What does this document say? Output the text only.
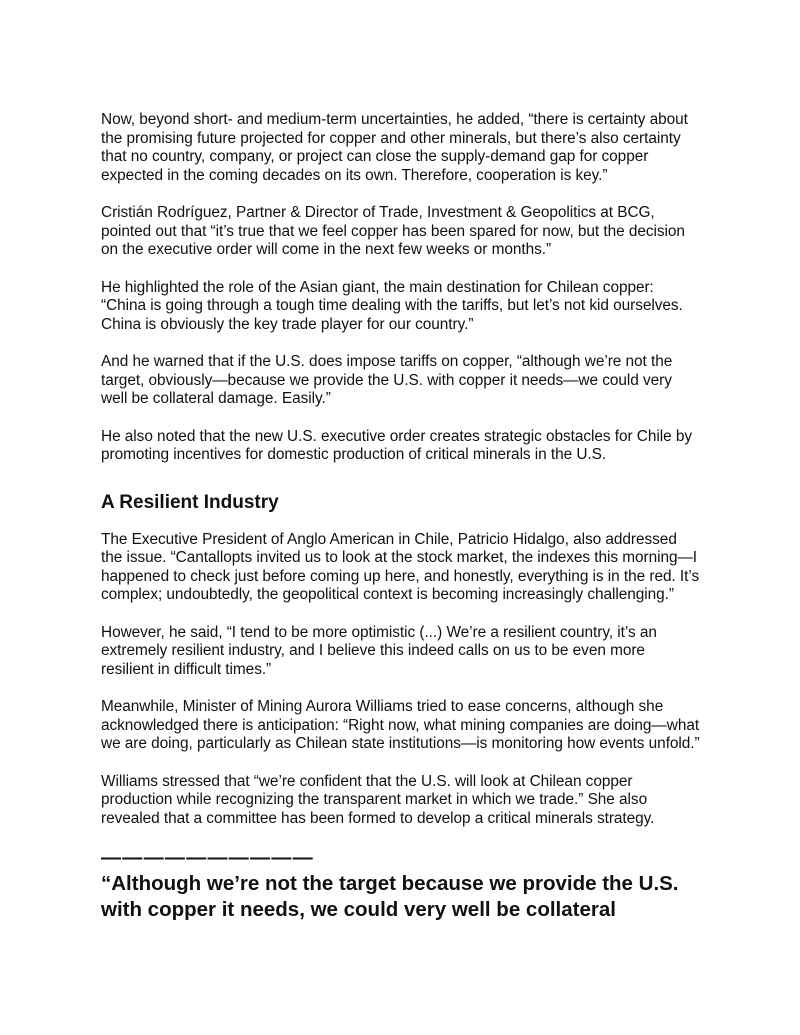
Now, beyond short- and medium-term uncertainties, he added, “there is certainty about the promising future projected for copper and other minerals, but there’s also certainty that no country, company, or project can close the supply-demand gap for copper expected in the coming decades on its own. Therefore, cooperation is key.”

Cristián Rodríguez, Partner & Director of Trade, Investment & Geopolitics at BCG, pointed out that “it’s true that we feel copper has been spared for now, but the decision on the executive order will come in the next few weeks or months.”

He highlighted the role of the Asian giant, the main destination for Chilean copper: “China is going through a tough time dealing with the tariffs, but let’s not kid ourselves. China is obviously the key trade player for our country.”

And he warned that if the U.S. does impose tariffs on copper, “although we’re not the target, obviously—because we provide the U.S. with copper it needs—we could very well be collateral damage. Easily.”

He also noted that the new U.S. executive order creates strategic obstacles for Chile by promoting incentives for domestic production of critical minerals in the U.S.

A Resilient Industry

The Executive President of Anglo American in Chile, Patricio Hidalgo, also addressed the issue. “Cantallopts invited us to look at the stock market, the indexes this morning—I happened to check just before coming up here, and honestly, everything is in the red. It’s complex; undoubtedly, the geopolitical context is becoming increasingly challenging.”

However, he said, “I tend to be more optimistic (...) We’re a resilient country, it’s an extremely resilient industry, and I believe this indeed calls on us to be even more resilient in difficult times.”

Meanwhile, Minister of Mining Aurora Williams tried to ease concerns, although she acknowledged there is anticipation: “Right now, what mining companies are doing—what we are doing, particularly as Chilean state institutions—is monitoring how events unfold.”

Williams stressed that “we’re confident that the U.S. will look at Chilean copper production while recognizing the transparent market in which we trade.” She also revealed that a committee has been formed to develop a critical minerals strategy.

——————————

“Although we’re not the target because we provide the U.S. with copper it needs, we could very well be collateral
